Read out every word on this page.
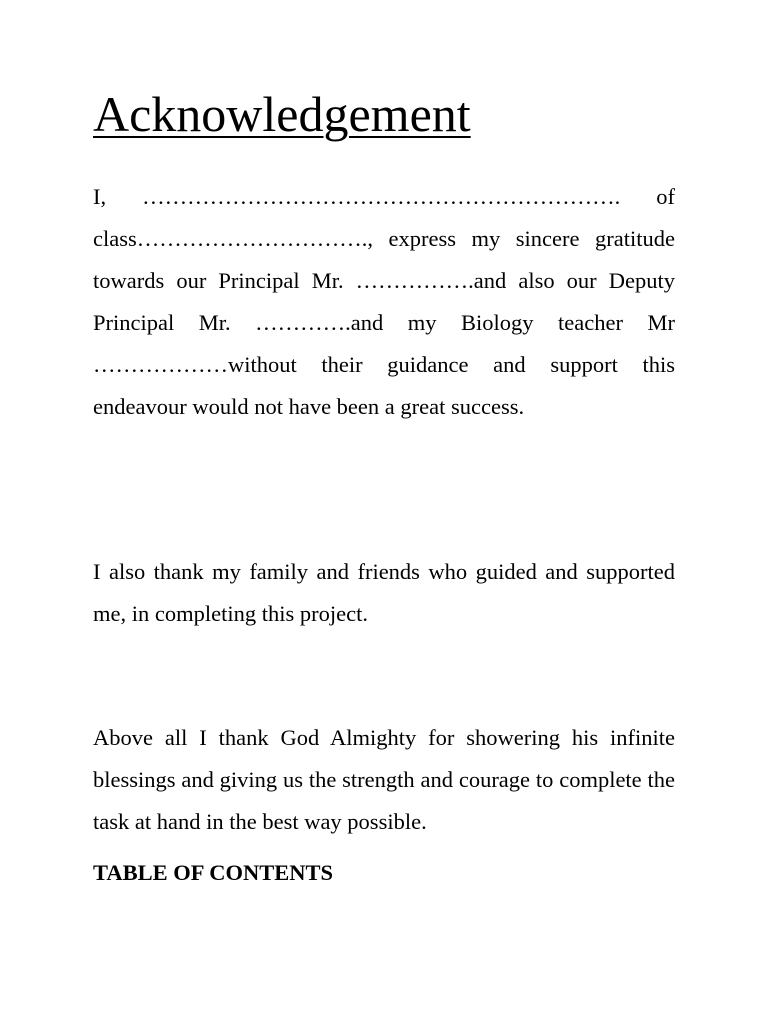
Acknowledgement

I, ………………………………………………………. of class…………………………., express my sincere gratitude towards our Principal Mr. …………….and also our Deputy Principal Mr. ………….and my Biology teacher Mr ………………without their guidance and support this endeavour would not have been a great success.

I also thank my family and friends who guided and supported me, in completing this project.

Above all I thank God Almighty for showering his infinite blessings and giving us the strength and courage to complete the task at hand in the best way possible.

TABLE OF CONTENTS
